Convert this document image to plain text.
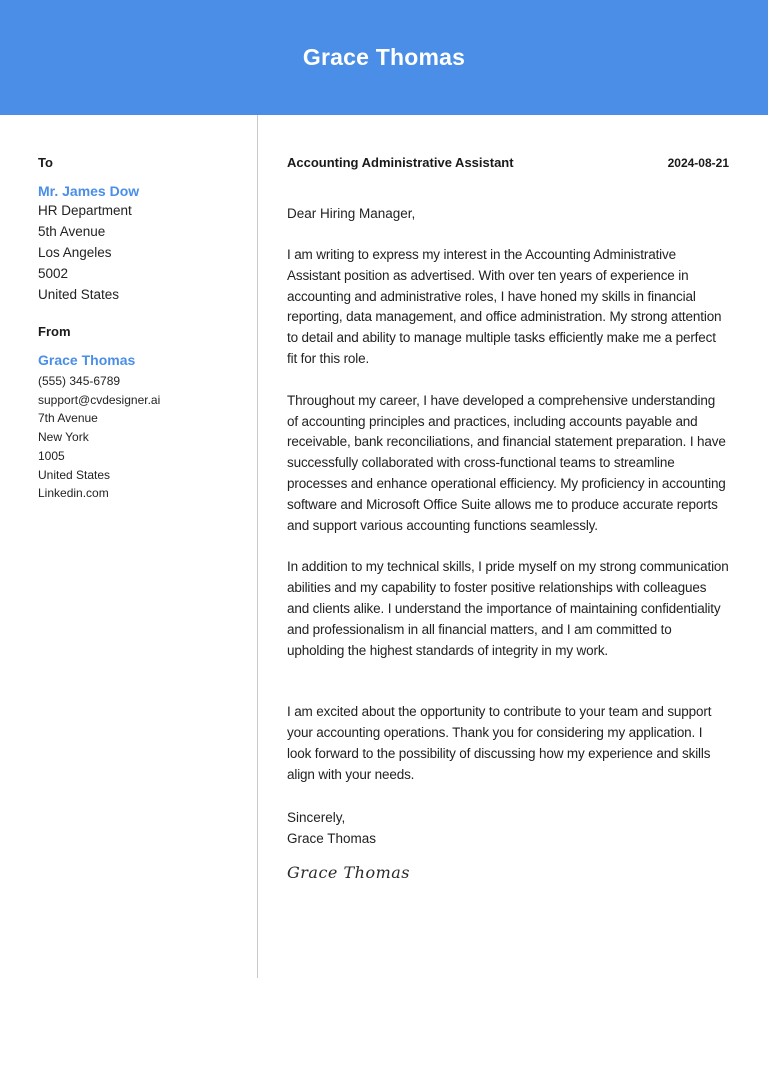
Grace Thomas
To
Mr. James Dow
HR Department
5th Avenue
Los Angeles
5002
United States
From
Grace Thomas
(555) 345-6789
support@cvdesigner.ai
7th Avenue
New York
1005
United States
Linkedin.com
Accounting Administrative Assistant	2024-08-21
Dear Hiring Manager,
I am writing to express my interest in the Accounting Administrative Assistant position as advertised. With over ten years of experience in accounting and administrative roles, I have honed my skills in financial reporting, data management, and office administration. My strong attention to detail and ability to manage multiple tasks efficiently make me a perfect fit for this role.
Throughout my career, I have developed a comprehensive understanding of accounting principles and practices, including accounts payable and receivable, bank reconciliations, and financial statement preparation. I have successfully collaborated with cross-functional teams to streamline processes and enhance operational efficiency. My proficiency in accounting software and Microsoft Office Suite allows me to produce accurate reports and support various accounting functions seamlessly.
In addition to my technical skills, I pride myself on my strong communication abilities and my capability to foster positive relationships with colleagues and clients alike. I understand the importance of maintaining confidentiality and professionalism in all financial matters, and I am committed to upholding the highest standards of integrity in my work.
I am excited about the opportunity to contribute to your team and support your accounting operations. Thank you for considering my application. I look forward to the possibility of discussing how my experience and skills align with your needs.
Sincerely,
Grace Thomas
Grace Thomas
